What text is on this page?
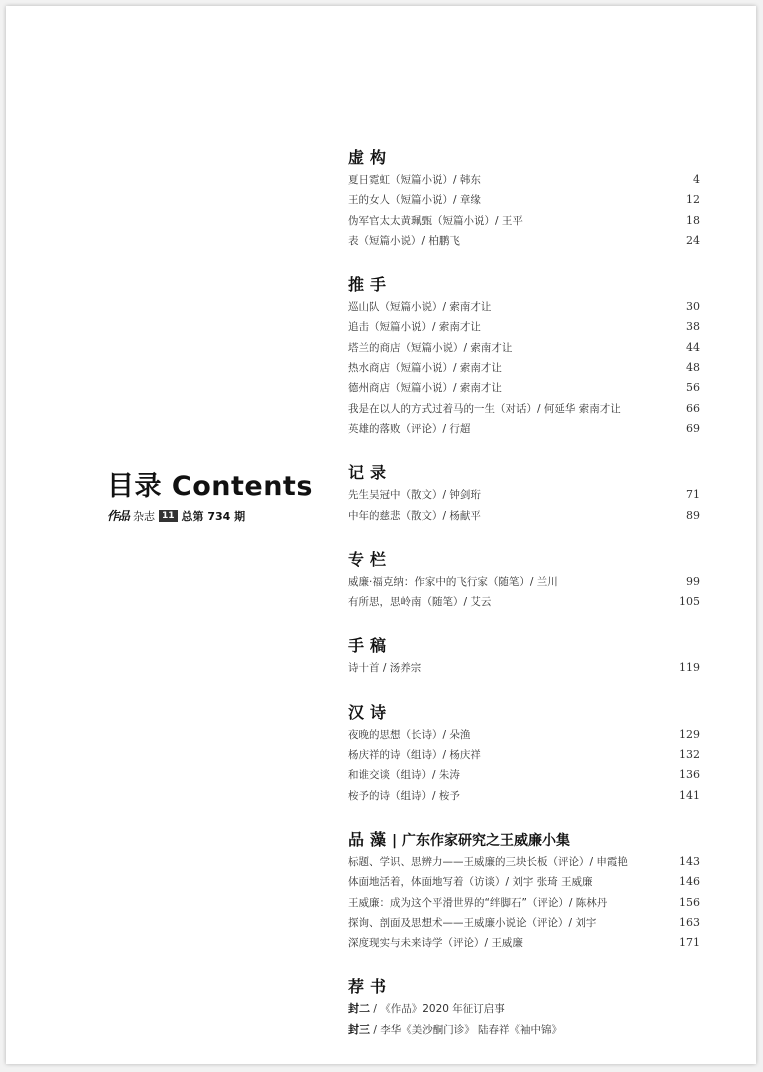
目录 Contents
作品 杂志 11 总第 734 期
虚构
夏日霓虹（短篇小说）/ 韩东	4
王的女人（短篇小说）/ 章缘	12
伪军官太太黄珮甄（短篇小说）/ 王平	18
表（短篇小说）/ 柏鹏飞	24
推手
巡山队（短篇小说）/ 索南才让	30
追击（短篇小说）/ 索南才让	38
塔兰的商店（短篇小说）/ 索南才让	44
热水商店（短篇小说）/ 索南才让	48
德州商店（短篇小说）/ 索南才让	56
我是在以人的方式过着马的一生（对话）/ 何延华 索南才让	66
英雄的落败（评论）/ 行超	69
记录
先生吴冠中（散文）/ 钟剑珩	71
中年的慈悲（散文）/ 杨献平	89
专栏
威廉·福克纳：作家中的飞行家（随笔）/ 兰川	99
有所思，思岭南（随笔）/ 艾云	105
手稿
诗十首 / 汤养宗	119
汉诗
夜晚的思想（长诗）/ 朵渔	129
杨庆祥的诗（组诗）/ 杨庆祥	132
和谁交谈（组诗）/ 朱涛	136
桉予的诗（组诗）/ 桉予	141
品藻| 广东作家研究之王威廉小集
标题、学识、思辨力——王威廉的三块长板（评论）/ 申霞艳	143
体面地活着，体面地写着（访谈）/ 刘宇 张琦 王威廉	146
王威廉：成为这个平滑世界的“绊脚石”（评论）/ 陈林丹	156
探询、剖面及思想术——王威廉小说论（评论）/ 刘宇	163
深度现实与未来诗学（评论）/ 王威廉	171
荐书
封二 / 《作品》2020 年征订启事
封三 / 李华《美沙酮门诊》 陆春祥《袖中锦》
